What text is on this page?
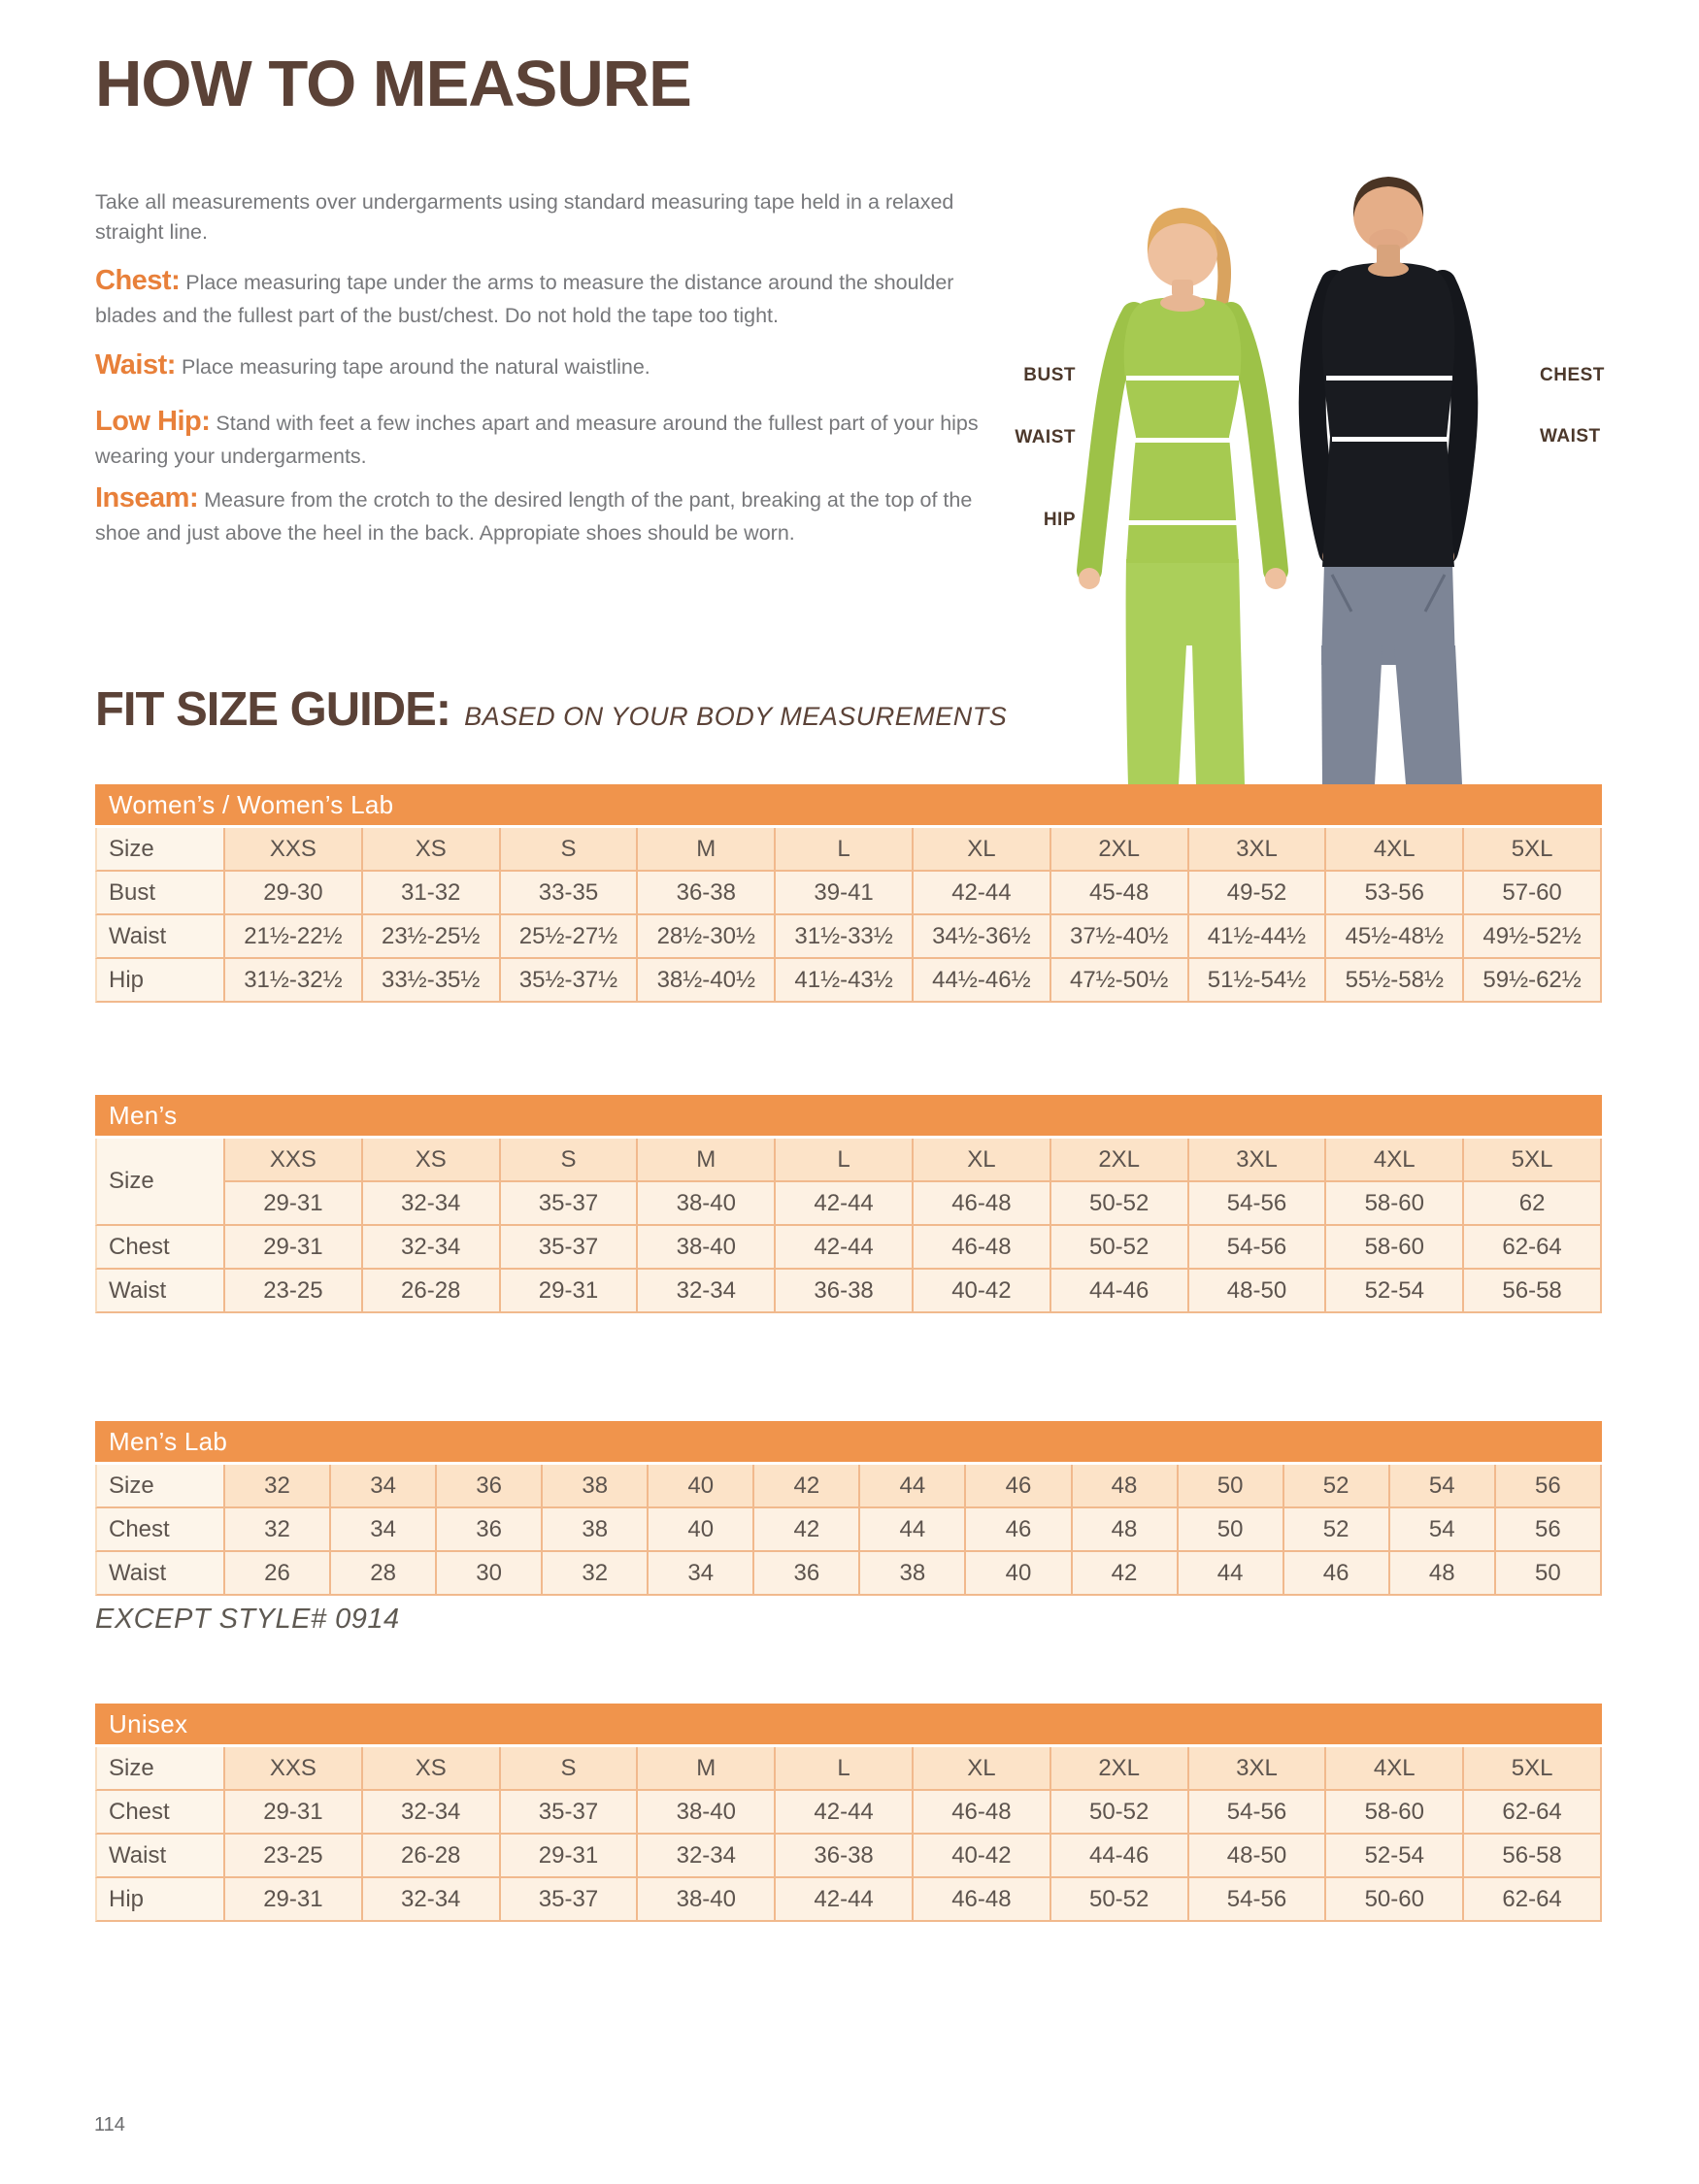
HOW TO MEASURE

Take all measurements over undergarments using standard measuring tape held in a relaxed straight line.

Chest: Place measuring tape under the arms to measure the distance around the shoulder blades and the fullest part of the bust/chest. Do not hold the tape too tight.

Waist: Place measuring tape around the natural waistline.

Low Hip: Stand with feet a few inches apart and measure around the fullest part of your hips wearing your undergarments.

Inseam: Measure from the crotch to the desired length of the pant, breaking at the top of the shoe and just above the heel in the back. Appropiate shoes should be worn.

BUST
WAIST
HIP
CHEST
WAIST
FIT SIZE GUIDE: BASED ON YOUR BODY MEASUREMENTS
Women’s / Women’s Lab
Size	XXS	XS	S	M	L	XL	2XL	3XL	4XL	5XL
Bust	29-30	31-32	33-35	36-38	39-41	42-44	45-48	49-52	53-56	57-60
Waist	21½-22½	23½-25½	25½-27½	28½-30½	31½-33½	34½-36½	37½-40½	41½-44½	45½-48½	49½-52½
Hip	31½-32½	33½-35½	35½-37½	38½-40½	41½-43½	44½-46½	47½-50½	51½-54½	55½-58½	59½-62½
Men’s
Size	XXS	XS	S	M	L	XL	2XL	3XL	4XL	5XL
	29-31	32-34	35-37	38-40	42-44	46-48	50-52	54-56	58-60	62
Chest	29-31	32-34	35-37	38-40	42-44	46-48	50-52	54-56	58-60	62-64
Waist	23-25	26-28	29-31	32-34	36-38	40-42	44-46	48-50	52-54	56-58
Men’s Lab
Size	32	34	36	38	40	42	44	46	48	50	52	54	56
Chest	32	34	36	38	40	42	44	46	48	50	52	54	56
Waist	26	28	30	32	34	36	38	40	42	44	46	48	50
EXCEPT STYLE# 0914
Unisex
Size	XXS	XS	S	M	L	XL	2XL	3XL	4XL	5XL
Chest	29-31	32-34	35-37	38-40	42-44	46-48	50-52	54-56	58-60	62-64
Waist	23-25	26-28	29-31	32-34	36-38	40-42	44-46	48-50	52-54	56-58
Hip	29-31	32-34	35-37	38-40	42-44	46-48	50-52	54-56	50-60	62-64
114
